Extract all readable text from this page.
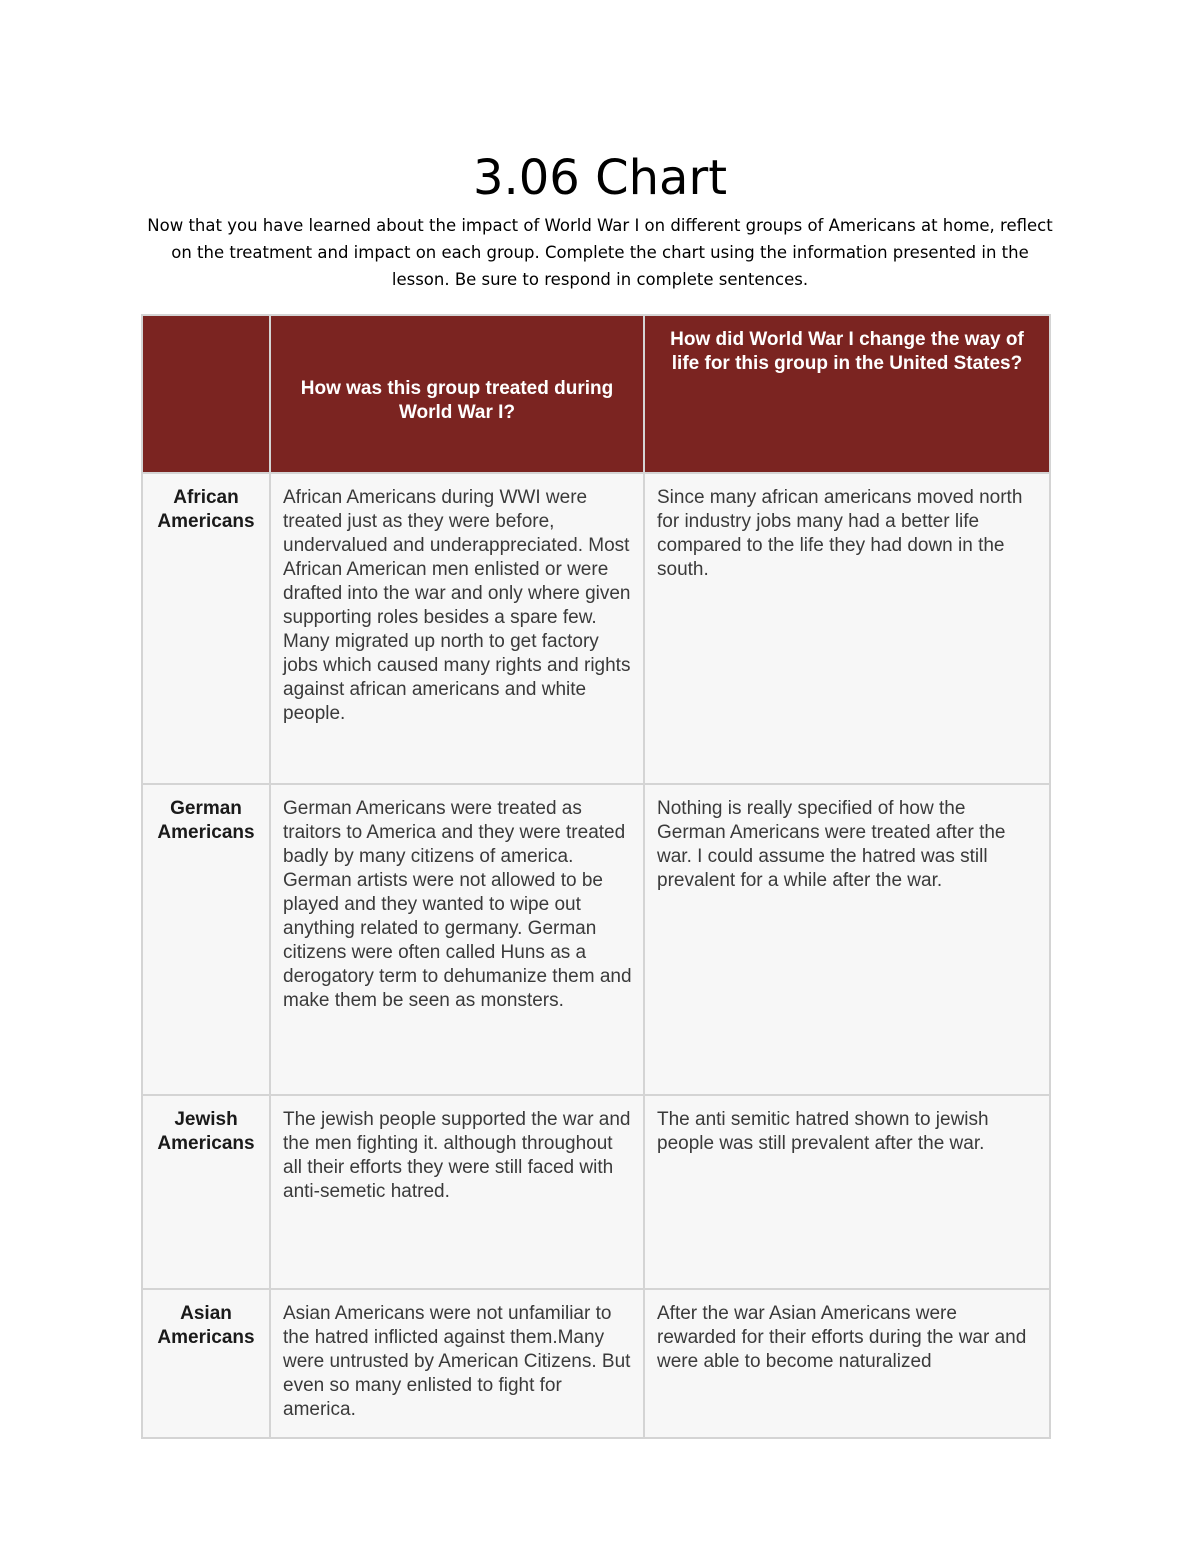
3.06 Chart

Now that you have learned about the impact of World War I on different groups of Americans at home, reflect on the treatment and impact on each group. Complete the chart using the information presented in the lesson. Be sure to respond in complete sentences.

	How was this group treated during World War I?	How did World War I change the way of life for this group in the United States?
African Americans	African Americans during WWI were treated just as they were before, undervalued and underappreciated. Most African American men enlisted or were drafted into the war and only where given supporting roles besides a spare few. Many migrated up north to get factory jobs which caused many rights and rights against african americans and white people.	Since many african americans moved north for industry jobs many had a better life compared to the life they had down in the south.
German Americans	German Americans were treated as traitors to America and they were treated badly by many citizens of america. German artists were not allowed to be played and they wanted to wipe out anything related to germany. German citizens were often called Huns as a derogatory term to dehumanize them and make them be seen as monsters.	Nothing is really specified of how the German Americans were treated after the war. I could assume the hatred was still prevalent for a while after the war.
Jewish Americans	The jewish people supported the war and the men fighting it. although throughout all their efforts they were still faced with anti-semetic hatred.	The anti semitic hatred shown to jewish people was still prevalent after the war.
Asian Americans	Asian Americans were not unfamiliar to the hatred inflicted against them.Many were untrusted by American Citizens. But even so many enlisted to fight for america.	After the war Asian Americans were rewarded for their efforts during the war and were able to become naturalized
